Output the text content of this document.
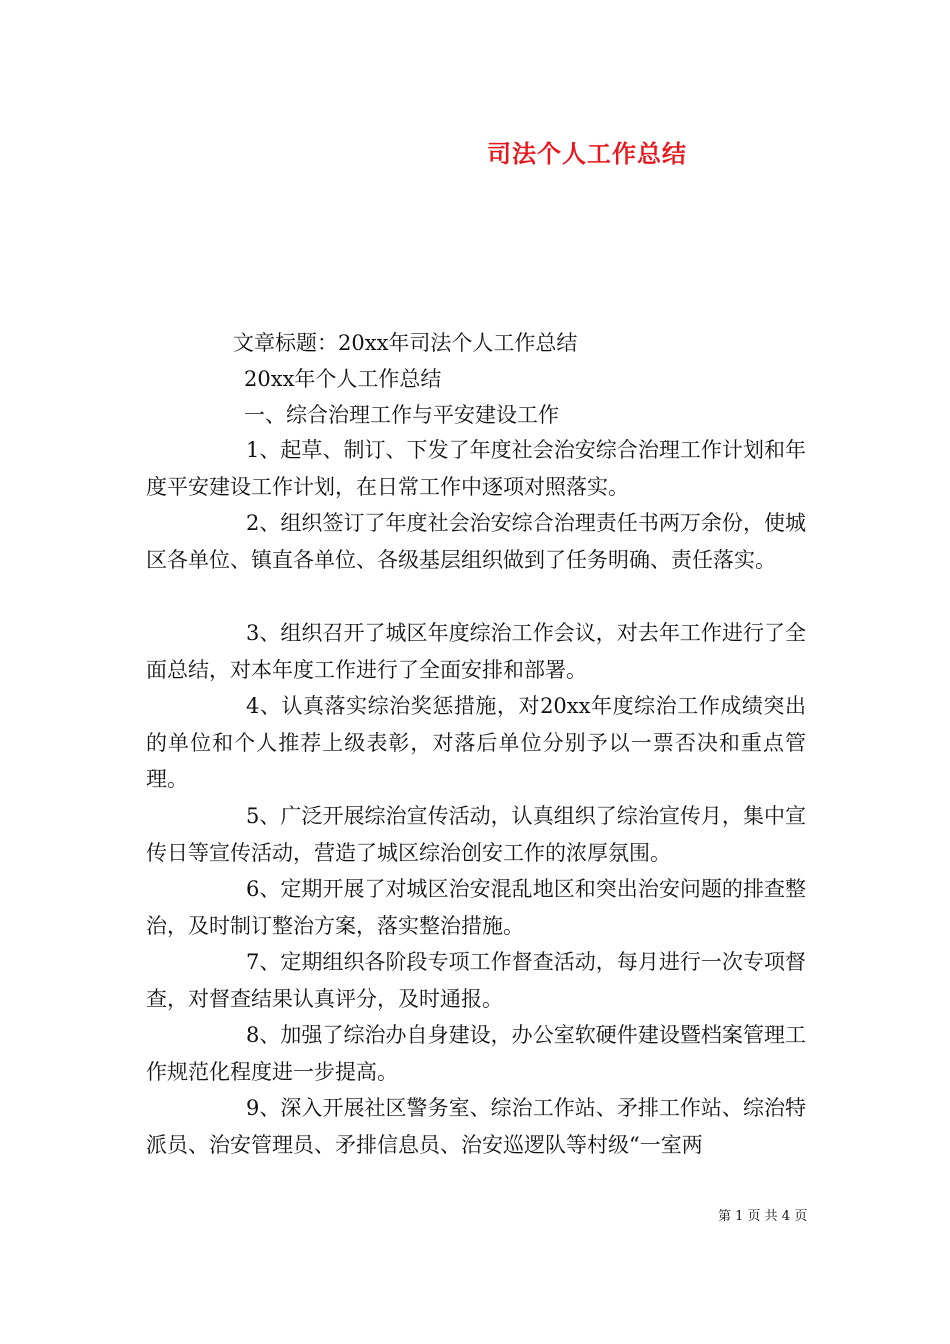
司法个人工作总结
文章标题：20xx年司法个人工作总结
20xx年个人工作总结
一、综合治理工作与平安建设工作

1、起草、制订、下发了年度社会治安综合治理工作计划和年度平安建设工作计划，在日常工作中逐项对照落实。

2、组织签订了年度社会治安综合治理责任书两万余份，使城区各单位、镇直各单位、各级基层组织做到了任务明确、责任落实。

3、组织召开了城区年度综治工作会议，对去年工作进行了全面总结，对本年度工作进行了全面安排和部署。

4、认真落实综治奖惩措施，对20xx年度综治工作成绩突出的单位和个人推荐上级表彰，对落后单位分别予以一票否决和重点管理。

5、广泛开展综治宣传活动，认真组织了综治宣传月，集中宣传日等宣传活动，营造了城区综治创安工作的浓厚氛围。

6、定期开展了对城区治安混乱地区和突出治安问题的排查整治，及时制订整治方案，落实整治措施。

7、定期组织各阶段专项工作督查活动，每月进行一次专项督查，对督查结果认真评分，及时通报。

8、加强了综治办自身建设，办公室软硬件建设暨档案管理工作规范化程度进一步提高。

9、深入开展社区警务室、综治工作站、矛排工作站、综治特派员、治安管理员、矛排信息员、治安巡逻队等村级“一室两

第 1 页 共 4 页
